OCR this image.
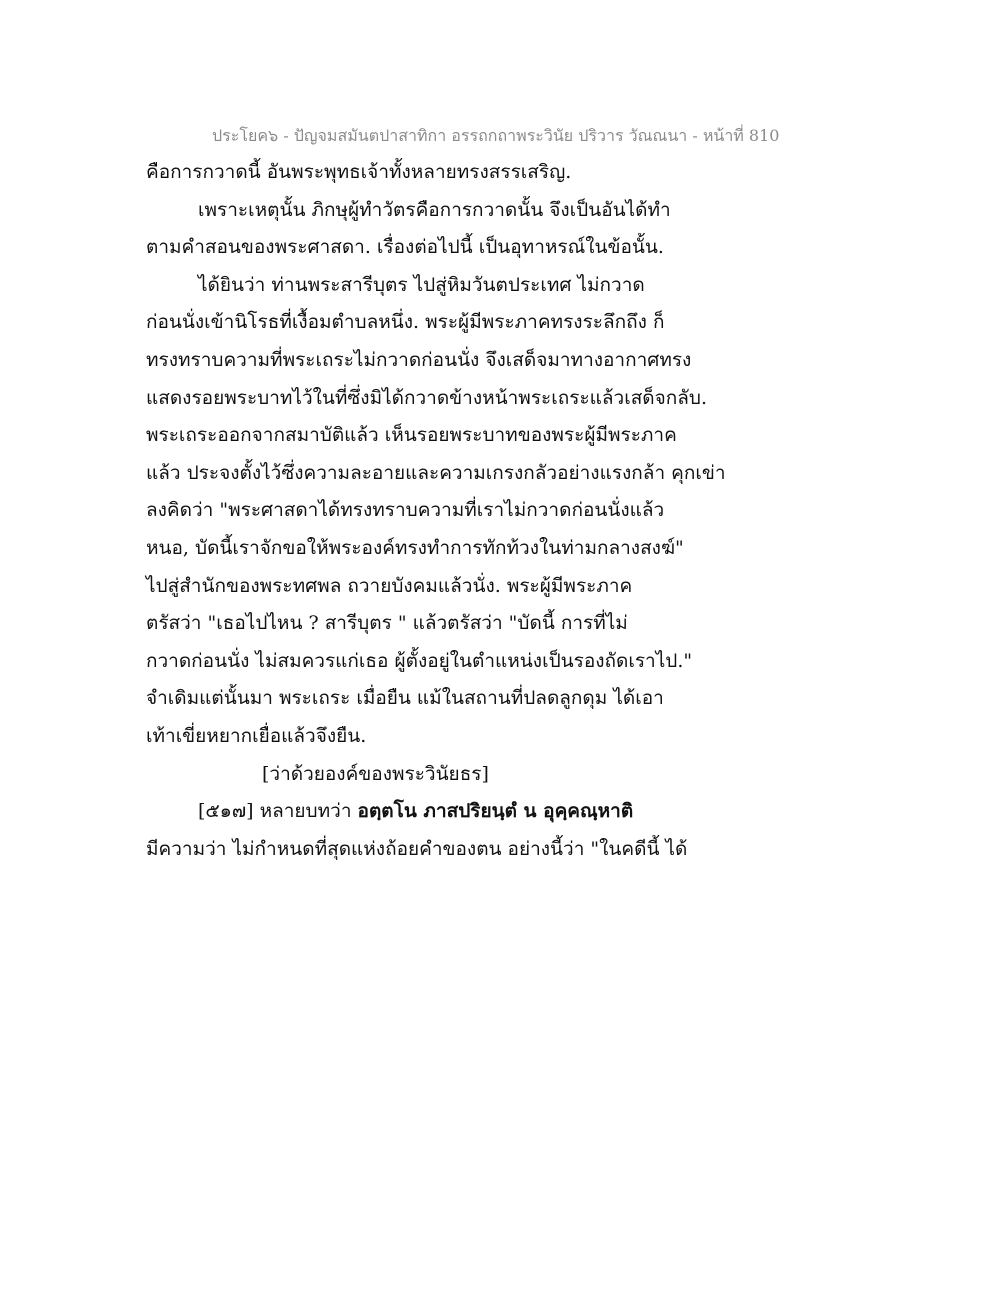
ประโยค๖ - ปัญจมสมันตปาสาทิกา อรรถกถาพระวินัย ปริวาร วัณณนา - หน้าที่ 810
คือการกวาดนี้ อันพระพุทธเจ้าทั้งหลายทรงสรรเสริญ.
เพราะเหตุนั้น ภิกษุผู้ทำวัตรคือการกวาดนั้น จึงเป็นอันได้ทำ
ตามคำสอนของพระศาสดา. เรื่องต่อไปนี้ เป็นอุทาหรณ์ในข้อนั้น.
ได้ยินว่า ท่านพระสารีบุตร ไปสู่หิมวันตประเทศ ไม่กวาด
ก่อนนั่งเข้านิโรธที่เงื้อมตำบลหนึ่ง. พระผู้มีพระภาคทรงระลึกถึง ก็
ทรงทราบความที่พระเถระไม่กวาดก่อนนั่ง จึงเสด็จมาทางอากาศทรง
แสดงรอยพระบาทไว้ในที่ซึ่งมิได้กวาดข้างหน้าพระเถระแล้วเสด็จกลับ.
พระเถระออกจากสมาบัติแล้ว เห็นรอยพระบาทของพระผู้มีพระภาค
แล้ว ประจงตั้งไว้ซึ่งความละอายและความเกรงกลัวอย่างแรงกล้า คุกเข่า
ลงคิดว่า "พระศาสดาได้ทรงทราบความที่เราไม่กวาดก่อนนั่งแล้ว
หนอ, บัดนี้เราจักขอให้พระองค์ทรงทำการทักท้วงในท่ามกลางสงฆ์"
ไปสู่สำนักของพระทศพล ถวายบังคมแล้วนั่ง. พระผู้มีพระภาค
ตรัสว่า "เธอไปไหน ? สารีบุตร " แล้วตรัสว่า "บัดนี้ การที่ไม่
กวาดก่อนนั่ง ไม่สมควรแก่เธอ ผู้ตั้งอยู่ในตำแหน่งเป็นรองถัดเราไป."
จำเดิมแต่นั้นมา พระเถระ เมื่อยืน แม้ในสถานที่ปลดลูกดุม ได้เอา
เท้าเขี่ยหยากเยื่อแล้วจึงยืน.
[ว่าด้วยองค์ของพระวินัยธร]
[๕๑๗] หลายบทว่า อตฺตโน ภาสปริยนฺตํ น อุคฺคณฺหาติ
มีความว่า ไม่กำหนดที่สุดแห่งถ้อยคำของตน อย่างนี้ว่า "ในคดีนี้ ได้
